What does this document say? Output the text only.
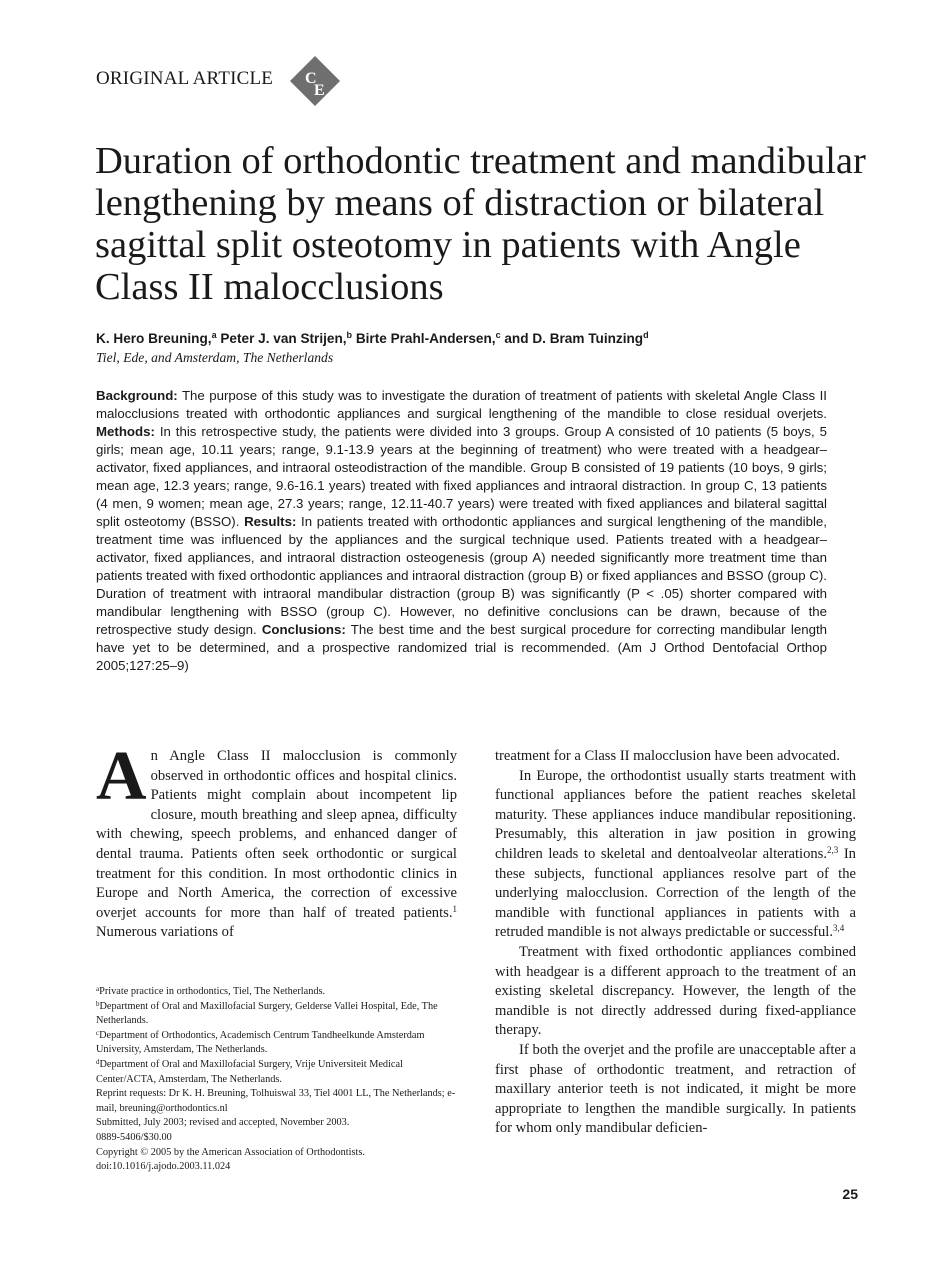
ORIGINAL ARTICLE C
E
Duration of orthodontic treatment and mandibular lengthening by means of distraction or bilateral sagittal split osteotomy in patients with Angle Class II malocclusions
K. Hero Breuning,$^a$ Peter J. van Strijen,$^b$ Birte Prahl-Andersen,$^c$ and D. Bram Tuinzing$^d$
Tiel, Ede, and Amsterdam, The Netherlands

Background: The purpose of this study was to investigate the duration of treatment of patients with skeletal Angle Class II malocclusions treated with orthodontic appliances and surgical lengthening of the mandible to close residual overjets. Methods: In this retrospective study, the patients were divided into 3 groups. Group A consisted of 10 patients (5 boys, 5 girls; mean age, 10.11 years; range, 9.1-13.9 years at the beginning of treatment) who were treated with a headgear–activator, fixed appliances, and intraoral osteodistraction of the mandible. Group B consisted of 19 patients (10 boys, 9 girls; mean age, 12.3 years; range, 9.6-16.1 years) treated with fixed appliances and intraoral distraction. In group C, 13 patients (4 men, 9 women; mean age, 27.3 years; range, 12.11-40.7 years) were treated with fixed appliances and bilateral sagittal split osteotomy (BSSO). Results: In patients treated with orthodontic appliances and surgical lengthening of the mandible, treatment time was influenced by the appliances and the surgical technique used. Patients treated with a headgear–activator, fixed appliances, and intraoral distraction osteogenesis (group A) needed significantly more treatment time than patients treated with fixed orthodontic appliances and intraoral distraction (group B) or fixed appliances and BSSO (group C). Duration of treatment with intraoral mandibular distraction (group B) was significantly (P < .05) shorter compared with mandibular lengthening with BSSO (group C). However, no definitive conclusions can be drawn, because of the retrospective study design. Conclusions: The best time and the best surgical procedure for correcting mandibular length have yet to be determined, and a prospective randomized trial is recommended. (Am J Orthod Dentofacial Orthop 2005;127:25–9)

An Angle Class II malocclusion is commonly observed in orthodontic offices and hospital clinics. Patients might complain about incompetent lip closure, mouth breathing and sleep apnea, difficulty with chewing, speech problems, and enhanced danger of dental trauma. Patients often seek orthodontic or surgical treatment for this condition. In most orthodontic clinics in Europe and North America, the correction of excessive overjet accounts for more than half of treated patients.$^1$ Numerous variations of

$^a$Private practice in orthodontics, Tiel, The Netherlands.

$^b$Department of Oral and Maxillofacial Surgery, Gelderse Vallei Hospital, Ede, The Netherlands.

$^c$Department of Orthodontics, Academisch Centrum Tandheelkunde Amsterdam University, Amsterdam, The Netherlands.

$^d$Department of Oral and Maxillofacial Surgery, Vrije Universiteit Medical Center/ACTA, Amsterdam, The Netherlands.

Reprint requests: Dr K. H. Breuning, Tolhuiswal 33, Tiel 4001 LL, The Netherlands; e-mail, breuning@orthodontics.nl

Submitted, July 2003; revised and accepted, November 2003.

0889-5406/$30.00

Copyright © 2005 by the American Association of Orthodontists.

doi:10.1016/j.ajodo.2003.11.024

treatment for a Class II malocclusion have been advocated.

In Europe, the orthodontist usually starts treatment with functional appliances before the patient reaches skeletal maturity. These appliances induce mandibular repositioning. Presumably, this alteration in jaw position in growing children leads to skeletal and dentoalveolar alterations.$^{2,3}$ In these subjects, functional appliances resolve part of the underlying malocclusion. Correction of the length of the mandible with functional appliances in patients with a retruded mandible is not always predictable or successful.$^{3,4}$

Treatment with fixed orthodontic appliances combined with headgear is a different approach to the treatment of an existing skeletal discrepancy. However, the length of the mandible is not directly addressed during fixed-appliance therapy.

If both the overjet and the profile are unacceptable after a first phase of orthodontic treatment, and retraction of maxillary anterior teeth is not indicated, it might be more appropriate to lengthen the mandible surgically. In patients for whom only mandibular deficien-

25
